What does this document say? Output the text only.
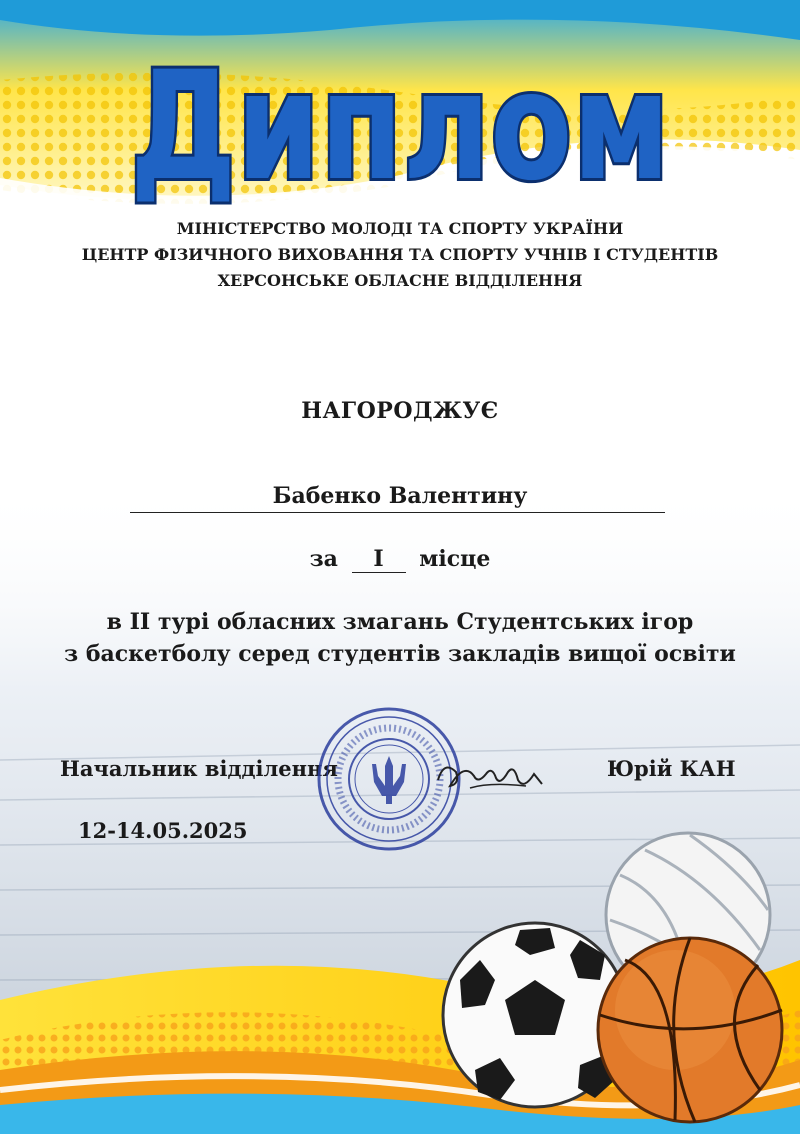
Диплом
МІНІСТЕРСТВО МОЛОДІ ТА СПОРТУ УКРАЇНИ
ЦЕНТР ФІЗИЧНОГО ВИХОВАННЯ ТА СПОРТУ УЧНІВ І СТУДЕНТІВ
ХЕРСОНСЬКЕ ОБЛАСНЕ ВІДДІЛЕННЯ
НАГОРОДЖУЄ
Бабенко Валентину
за I місце
в ІІ турі обласних змагань Студентських ігор
з баскетболу серед студентів закладів вищої освіти
Начальник відділення	Юрій КАН
12-14.05.2025
